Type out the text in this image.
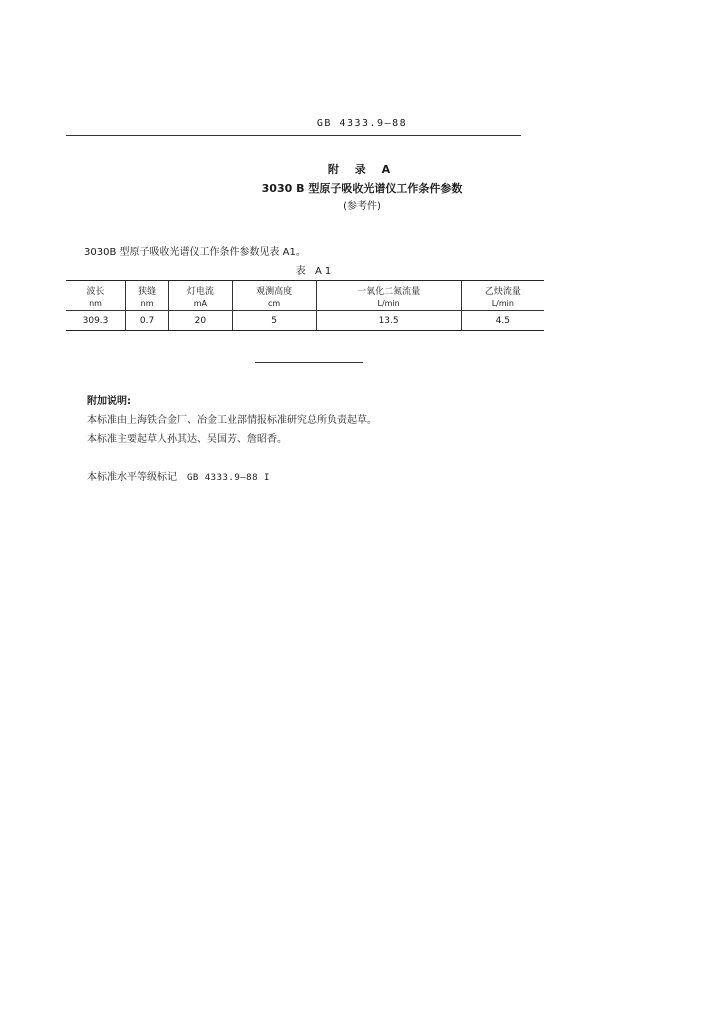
GB 4333.9—88
附 录 A
3030 B 型原子吸收光谱仪工作条件参数
(参考件)
3030B 型原子吸收光谱仪工作条件参数见表 A1。
表 A1
波长	狭缝	灯电流	观测高度	一氧化二氮流量	乙炔流量
nm	nm	mA	cm	L/min	L/min
309.3	0.7	20	5	13.5	4.5
附加说明:
本标准由上海铁合金厂、冶金工业部情报标准研究总所负责起草。
本标准主要起草人孙其达、吴国芳、詹昭香。
本标准水平等级标记 GB 4333.9—88 I
